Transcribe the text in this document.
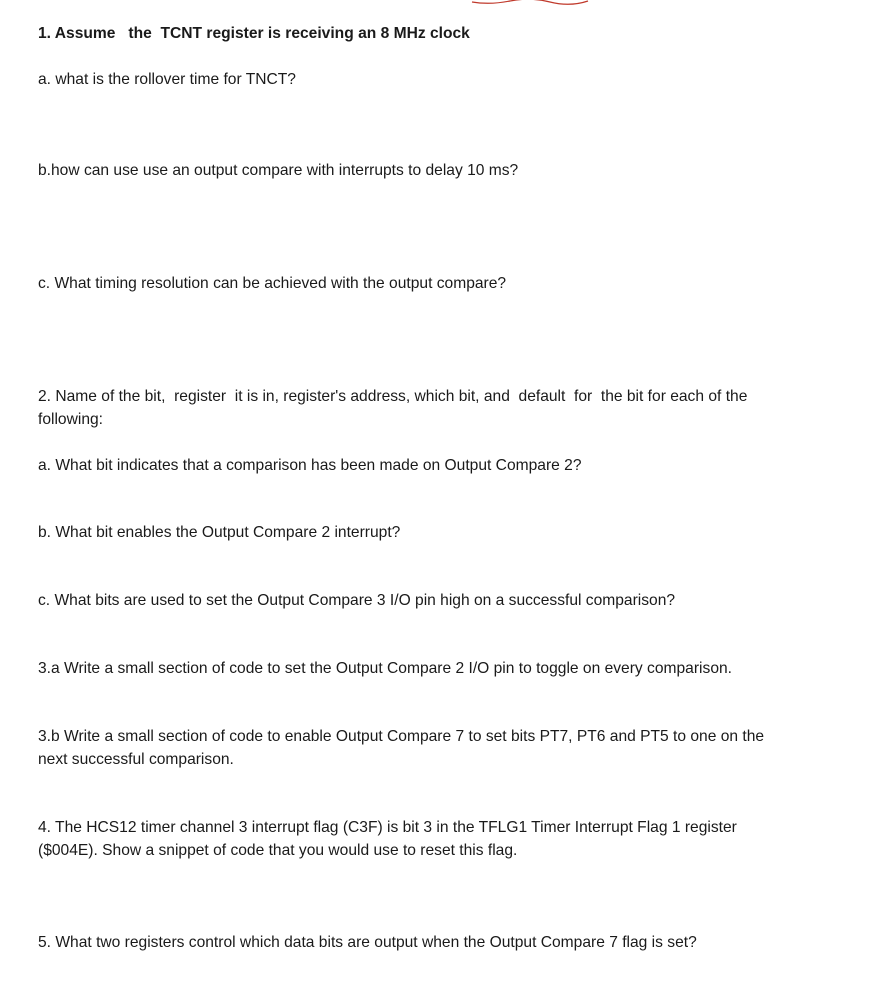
1. Assume   the  TCNT register is receiving an 8 MHz clock
a. what is the rollover time for TNCT?
b.how can use use an output compare with interrupts to delay 10 ms?
c. What timing resolution can be achieved with the output compare?
2. Name of the bit,  register  it is in, register's address, which bit, and  default  for  the bit for each of the
following:
a. What bit indicates that a comparison has been made on Output Compare 2?
b. What bit enables the Output Compare 2 interrupt?
c. What bits are used to set the Output Compare 3 I/O pin high on a successful comparison?
3.a Write a small section of code to set the Output Compare 2 I/O pin to toggle on every comparison.
3.b Write a small section of code to enable Output Compare 7 to set bits PT7, PT6 and PT5 to one on the
next successful comparison.
4. The HCS12 timer channel 3 interrupt flag (C3F) is bit 3 in the TFLG1 Timer Interrupt Flag 1 register
($004E). Show a snippet of code that you would use to reset this flag.
5. What two registers control which data bits are output when the Output Compare 7 flag is set?
